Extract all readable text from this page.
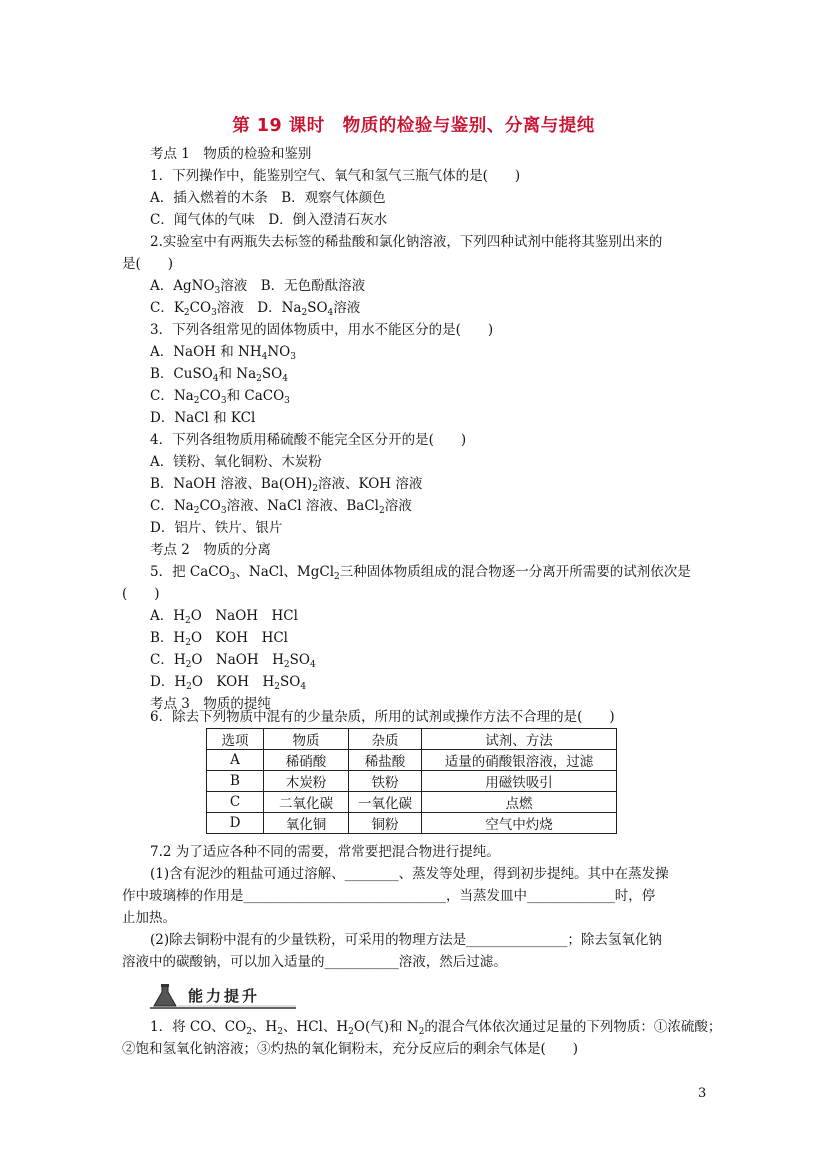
第 19 课时　物质的检验与鉴别、分离与提纯
考点 1　物质的检验和鉴别
1．下列操作中，能鉴别空气、氧气和氢气三瓶气体的是(　　)
A．插入燃着的木条　B．观察气体颜色
C．闻气体的气味　D．倒入澄清石灰水
2.实验室中有两瓶失去标签的稀盐酸和氯化钠溶液，下列四种试剂中能将其鉴别出来的
是(　　)
A．AgNO$_3$溶液　B．无色酚酞溶液
C．$K_2CO_3$溶液　D．$Na_2SO_4$溶液
3．下列各组常见的固体物质中，用水不能区分的是(　　)
A．NaOH 和 $NH_4NO_3$
B．CuSO$_4$和 $Na_2SO_4$
C．$Na_2CO_3$和 CaCO$_3$
D．NaCl 和 KCl
4．下列各组物质用稀硫酸不能完全区分开的是(　　)
A．镁粉、氧化铜粉、木炭粉
B．NaOH 溶液、$Ba(OH)_2$溶液、KOH 溶液
C．$Na_2CO_3$溶液、NaCl 溶液、BaCl$_2$溶液
D．铝片、铁片、银片
考点 2　物质的分离
5．把 CaCO$_3$、NaCl、MgCl$_2$三种固体物质组成的混合物逐一分离开所需要的试剂依次是
(　　)
A．$H_2O$　NaOH　HCl
B．$H_2O$　KOH　HCl
C．$H_2O$　NaOH　$H_2SO_4$
D．$H_2O$　KOH　$H_2SO_4$
考点 3　物质的提纯
6．除去下列物质中混有的少量杂质，所用的试剂或操作方法不合理的是(　　)
选项	物质	杂质	试剂、方法
A	稀硝酸	稀盐酸	适量的硝酸银溶液，过滤
B	木炭粉	铁粉	用磁铁吸引
C	二氧化碳	一氧化碳	点燃
D	氧化铜	铜粉	空气中灼烧
7.2 为了适应各种不同的需要，常常要把混合物进行提纯。
(1)含有泥沙的粗盐可通过溶解、________、蒸发等处理，得到初步提纯。其中在蒸发操
作中玻璃棒的作用是______________________________，当蒸发皿中_____________时，停
止加热。
(2)除去铜粉中混有的少量铁粉，可采用的物理方法是_______________；除去氢氧化钠
溶液中的碳酸钠，可以加入适量的___________溶液，然后过滤。
能力提升
1．将 CO、$CO_2$、$H_2$、HCl、$H_2O$(气)和 $N_2$的混合气体依次通过足量的下列物质：①浓硫酸；
②饱和氢氧化钠溶液；③灼热的氧化铜粉末，充分反应后的剩余气体是(　　)
3
